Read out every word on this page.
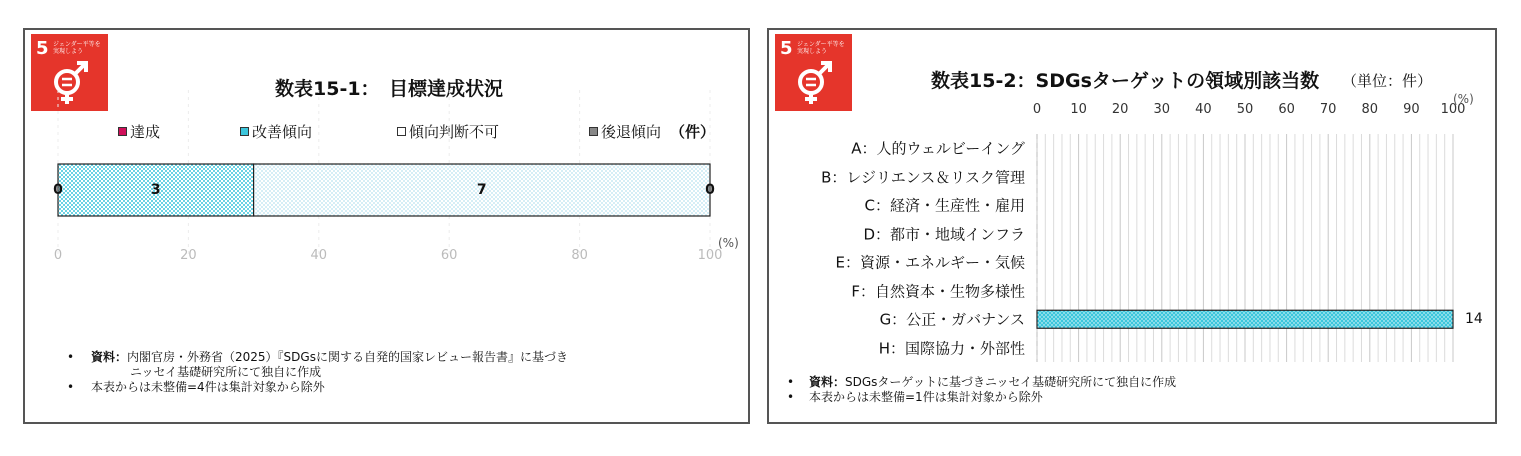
5 ジェンダー平等を実現しよう
数表15-1：　目標達成状況
達成	改善傾向	傾向判断不可	後退傾向 （件）
0	3	7	0
0	20	40	60	80	100
(%)
• 資料：内閣官房・外務省（2025）『SDGsに関する自発的国家レビュー報告書』に基づき
ニッセイ基礎研究所にて独自に作成
• 本表からは未整備=4件は集計対象から除外
5 ジェンダー平等を実現しよう
数表15-2：SDGsターゲットの領域別該当数 （単位：件）
(%)
A：人的ウェルビーイング
B：レジリエンス＆リスク管理
C：経済・生産性・雇用
D：都市・地域インフラ
E：資源・エネルギー・気候
F：自然資本・生物多様性
14
G：公正・ガバナンス
H：国際協力・外部性
0 10 20 30 40 50 60 70 80 90 100
• 資料：SDGsターゲットに基づきニッセイ基礎研究所にて独自に作成
• 本表からは未整備=1件は集計対象から除外
